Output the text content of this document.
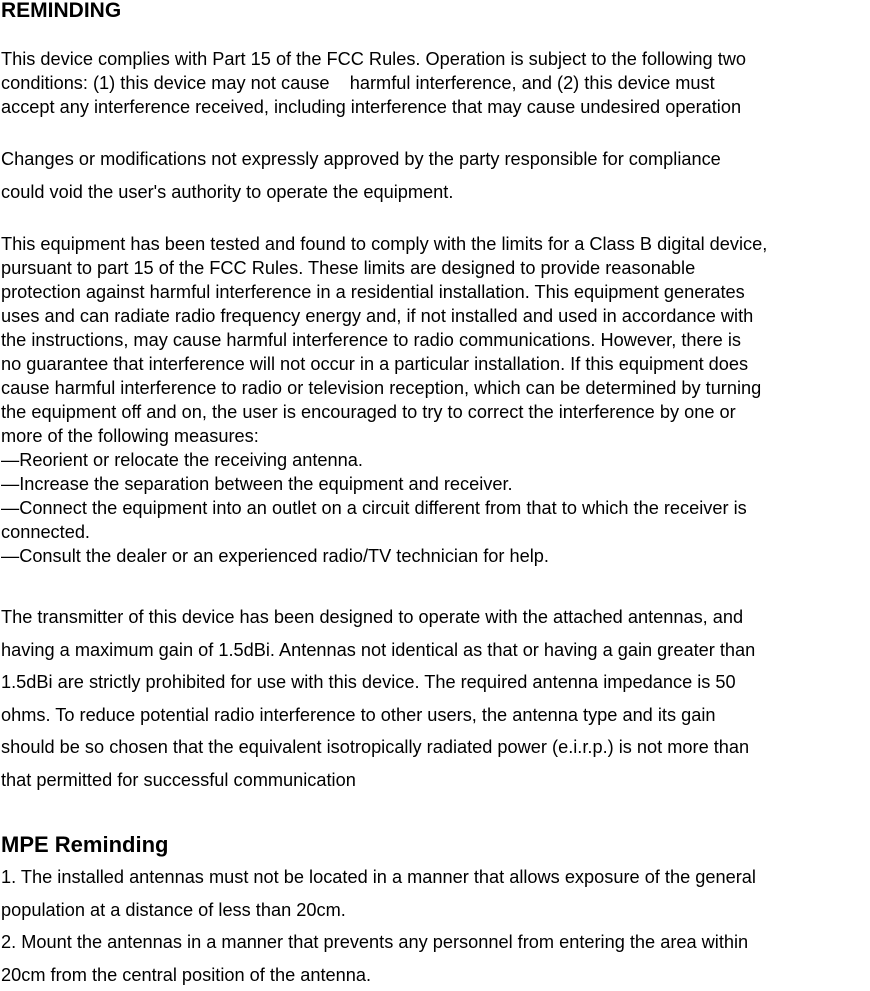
REMINDING

This device complies with Part 15 of the FCC Rules. Operation is subject to the following two
conditions: (1) this device may not cause    harmful interference, and (2) this device must
accept any interference received, including interference that may cause undesired operation

Changes or modifications not expressly approved by the party responsible for compliance
could void the user's authority to operate the equipment.

This equipment has been tested and found to comply with the limits for a Class B digital device,
pursuant to part 15 of the FCC Rules. These limits are designed to provide reasonable
protection against harmful interference in a residential installation. This equipment generates
uses and can radiate radio frequency energy and, if not installed and used in accordance with
the instructions, may cause harmful interference to radio communications. However, there is
no guarantee that interference will not occur in a particular installation. If this equipment does
cause harmful interference to radio or television reception, which can be determined by turning
the equipment off and on, the user is encouraged to try to correct the interference by one or
more of the following measures:
—Reorient or relocate the receiving antenna.
—Increase the separation between the equipment and receiver.
—Connect the equipment into an outlet on a circuit different from that to which the receiver is
connected.
—Consult the dealer or an experienced radio/TV technician for help.

The transmitter of this device has been designed to operate with the attached antennas, and
having a maximum gain of 1.5dBi. Antennas not identical as that or having a gain greater than
1.5dBi are strictly prohibited for use with this device. The required antenna impedance is 50
ohms. To reduce potential radio interference to other users, the antenna type and its gain
should be so chosen that the equivalent isotropically radiated power (e.i.r.p.) is not more than
that permitted for successful communication

MPE Reminding

1. The installed antennas must not be located in a manner that allows exposure of the general
population at a distance of less than 20cm.
2. Mount the antennas in a manner that prevents any personnel from entering the area within
20cm from the central position of the antenna.
